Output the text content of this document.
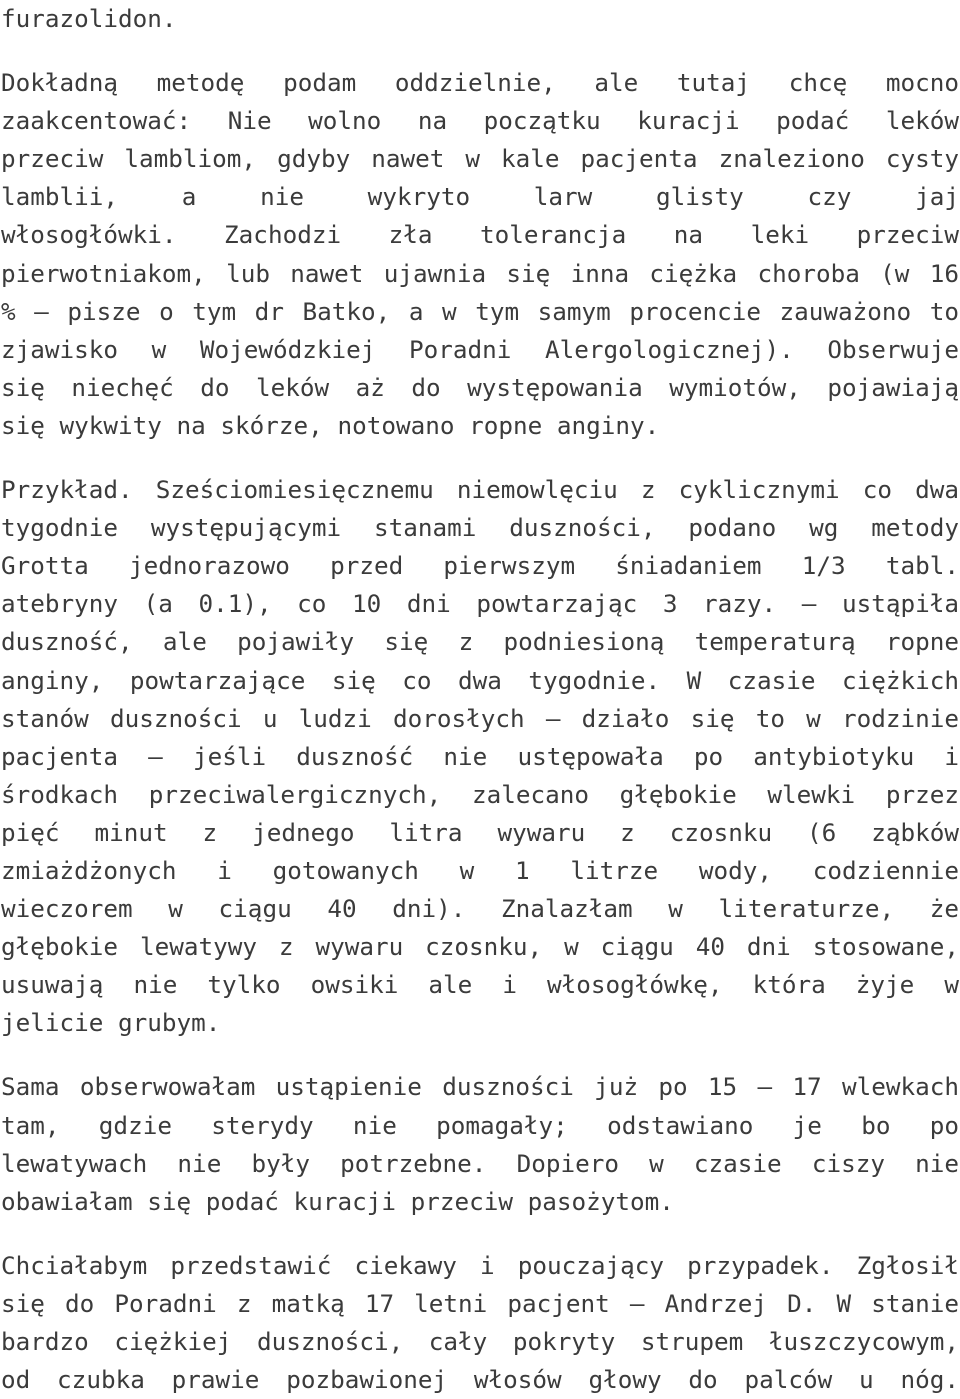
furazolidon.
Dokładną metodę podam oddzielnie, ale tutaj chcę mocno
zaakcentować: Nie wolno na początku kuracji podać leków
przeciw lambliom, gdyby nawet w kale pacjenta znaleziono cysty
lamblii, a nie wykryto larw glisty czy jaj
włosogłówki. Zachodzi zła tolerancja na leki przeciw
pierwotniakom, lub nawet ujawnia się inna ciężka choroba (w 16
% – pisze o tym dr Batko, a w tym samym procencie zauważono to
zjawisko w Wojewódzkiej Poradni Alergologicznej). Obserwuje
się niechęć do leków aż do występowania wymiotów, pojawiają
się wykwity na skórze, notowano ropne anginy.
Przykład. Sześciomiesięcznemu niemowlęciu z cyklicznymi co dwa
tygodnie występującymi stanami duszności, podano wg metody
Grotta jednorazowo przed pierwszym śniadaniem 1/3 tabl.
atebryny (a 0.1), co 10 dni powtarzając 3 razy. – ustąpiła
duszność, ale pojawiły się z podniesioną temperaturą ropne
anginy, powtarzające się co dwa tygodnie. W czasie ciężkich
stanów duszności u ludzi dorosłych – działo się to w rodzinie
pacjenta – jeśli duszność nie ustępowała po antybiotyku i
środkach przeciwalergicznych, zalecano głębokie wlewki przez
pięć minut z jednego litra wywaru z czosnku (6 ząbków
zmiażdżonych i gotowanych w 1 litrze wody, codziennie
wieczorem w ciągu 40 dni). Znalazłam w literaturze, że
głębokie lewatywy z wywaru czosnku, w ciągu 40 dni stosowane,
usuwają nie tylko owsiki ale i włosogłówkę, która żyje w
jelicie grubym.
Sama obserwowałam ustąpienie duszności już po 15 – 17 wlewkach
tam, gdzie sterydy nie pomagały; odstawiano je bo po
lewatywach nie były potrzebne. Dopiero w czasie ciszy nie
obawiałam się podać kuracji przeciw pasożytom.
Chciałabym przedstawić ciekawy i pouczający przypadek. Zgłosił
się do Poradni z matką 17 letni pacjent – Andrzej D. W stanie
bardzo ciężkiej duszności, cały pokryty strupem łuszczycowym,
od czubka prawie pozbawionej włosów głowy do palców u nóg.
